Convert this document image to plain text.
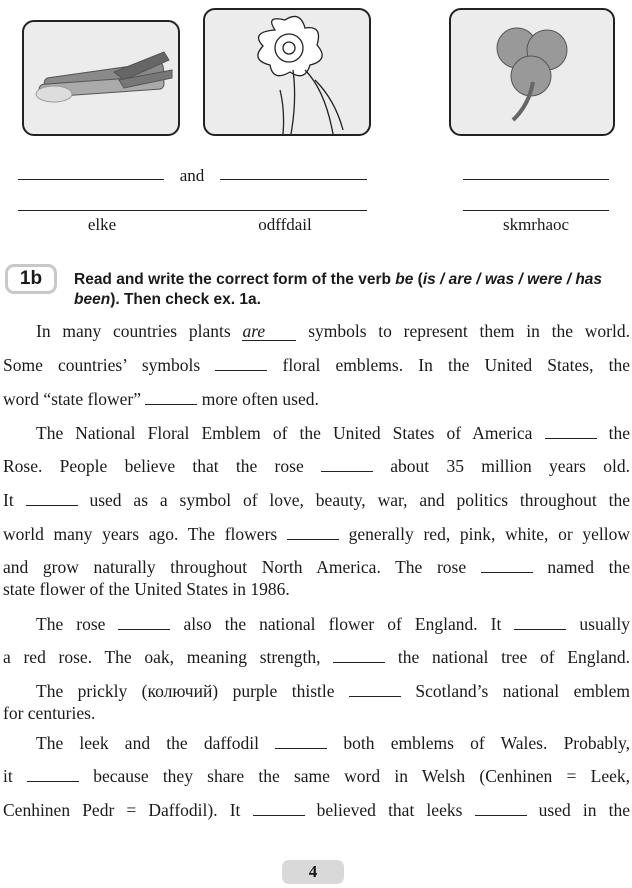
and
elke	odffdail	skmrhaoc
1b	Read and write the correct form of the verb be (is / are / was / were / has been). Then check ex. 1a.
In many countries plants are symbols to represent them in the world.
Some countries’ symbols	floral emblems. In the United States, the
word “state flower”	more often used.
The National Floral Emblem of the United States of America	the
Rose. People believe that the rose	about 35 million years old.
It	used as a symbol of love, beauty, war, and politics throughout the
world many years ago. The flowers	generally red, pink, white, or yellow
and grow naturally throughout North America. The rose	named the
state flower of the United States in 1986.
The rose	also the national flower of England. It	usually
a red rose. The oak, meaning strength,	the national tree of England.
The prickly (колючий) purple thistle	Scotland’s national emblem
for centuries.
The leek and the daffodil	both emblems of Wales. Probably,
it	because they share the same word in Welsh (Cenhinen = Leek,
Cenhinen Pedr = Daffodil). It	believed that leeks	used in the
4
